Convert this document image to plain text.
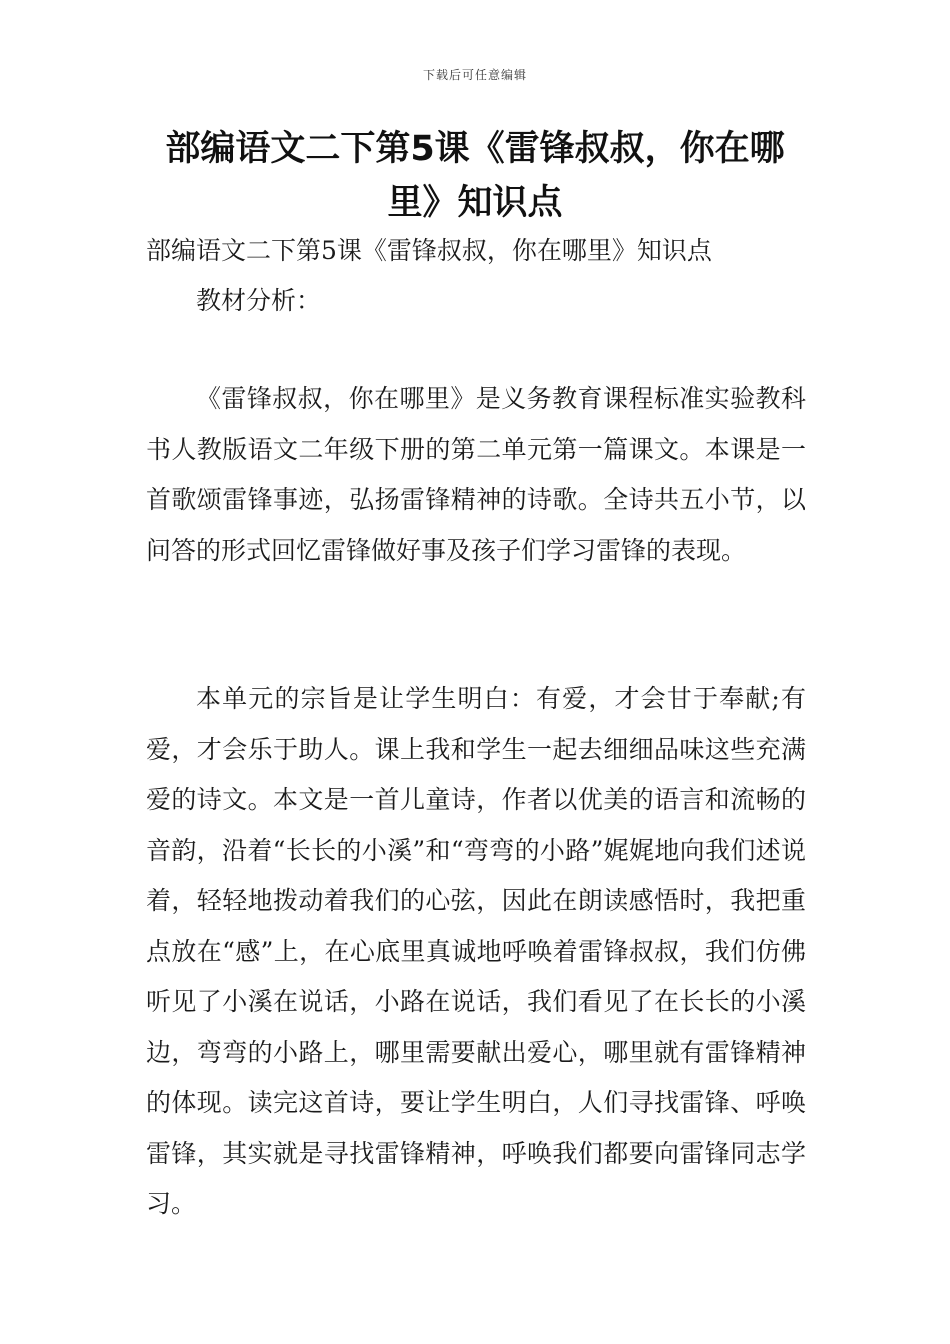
下载后可任意编辑
部编语文二下第5课《雷锋叔叔，你在哪里》知识点

部编语文二下第5课《雷锋叔叔，你在哪里》知识点

教材分析：

《雷锋叔叔，你在哪里》是义务教育课程标准实验教科书人教版语文二年级下册的第二单元第一篇课文。本课是一首歌颂雷锋事迹，弘扬雷锋精神的诗歌。全诗共五小节，以问答的形式回忆雷锋做好事及孩子们学习雷锋的表现。

本单元的宗旨是让学生明白：有爱，才会甘于奉献;有爱，才会乐于助人。课上我和学生一起去细细品味这些充满爱的诗文。本文是一首儿童诗，作者以优美的语言和流畅的音韵，沿着“长长的小溪”和“弯弯的小路”娓娓地向我们述说着，轻轻地拨动着我们的心弦，因此在朗读感悟时，我把重点放在“感”上，在心底里真诚地呼唤着雷锋叔叔，我们仿佛听见了小溪在说话，小路在说话，我们看见了在长长的小溪边，弯弯的小路上，哪里需要献出爱心，哪里就有雷锋精神的体现。读完这首诗，要让学生明白，人们寻找雷锋、呼唤雷锋，其实就是寻找雷锋精神，呼唤我们都要向雷锋同志学习。
